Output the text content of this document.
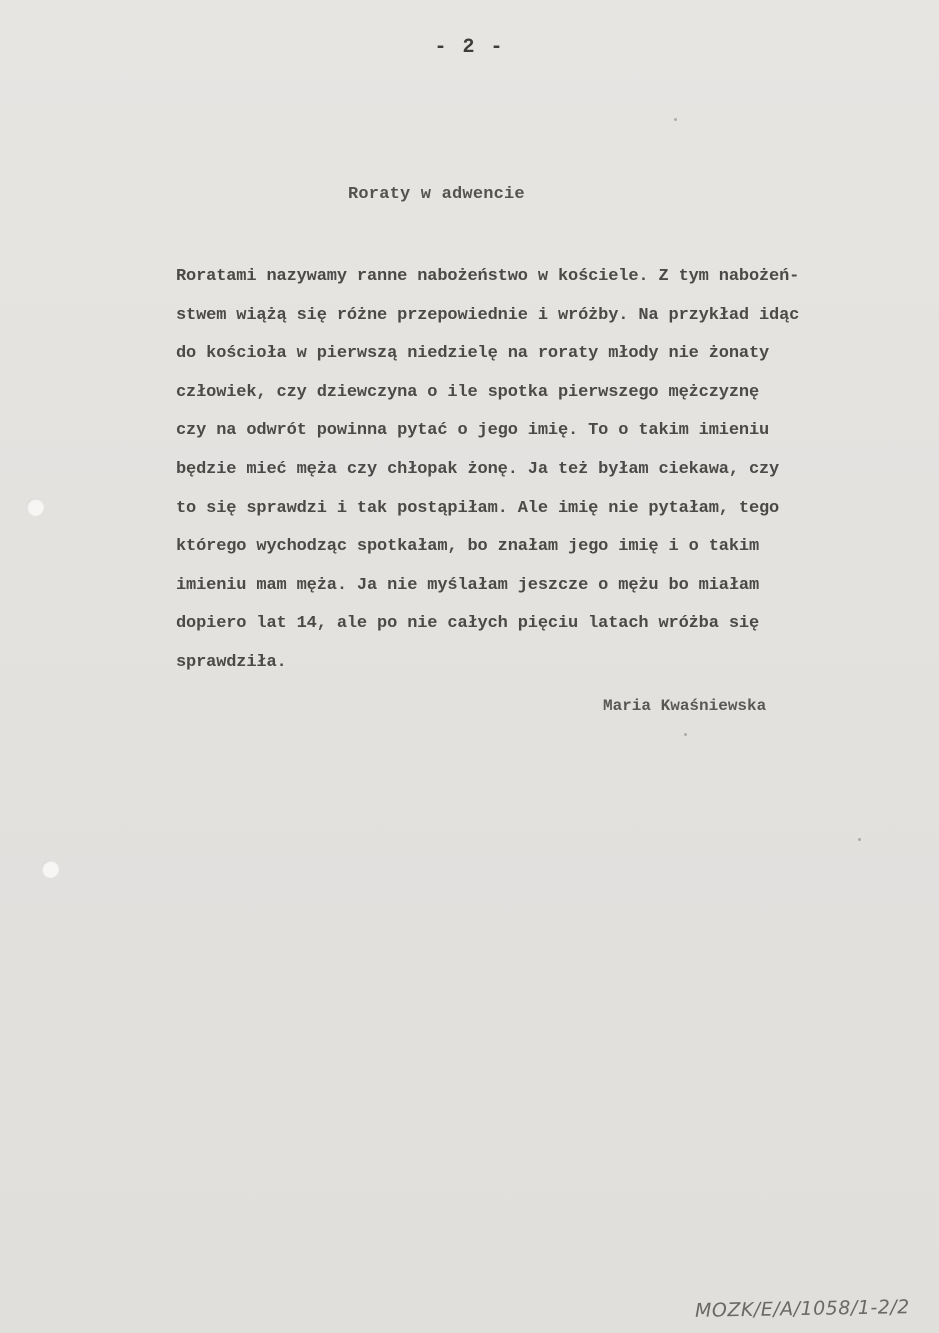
- 2 -
Roraty w adwencie
Roratami nazywamy ranne nabożeństwo w kościele. Z tym nabożeń-
stwem wiążą się różne przepowiednie i wróżby. Na przykład idąc
do kościoła w pierwszą niedzielę na roraty młody nie żonaty
człowiek, czy dziewczyna o ile spotka pierwszego mężczyznę
czy na odwrót powinna pytać o jego imię. To o takim imieniu
będzie mieć męża czy chłopak żonę. Ja też byłam ciekawa, czy
to się sprawdzi i tak postąpiłam. Ale imię nie pytałam, tego
którego wychodząc spotkałam, bo znałam jego imię i o takim
imieniu mam męża. Ja nie myślałam jeszcze o mężu bo miałam
dopiero lat 14, ale po nie całych pięciu latach wróżba się
sprawdziła.
Maria Kwaśniewska
MOZK/E/A/1058/1-2/2
